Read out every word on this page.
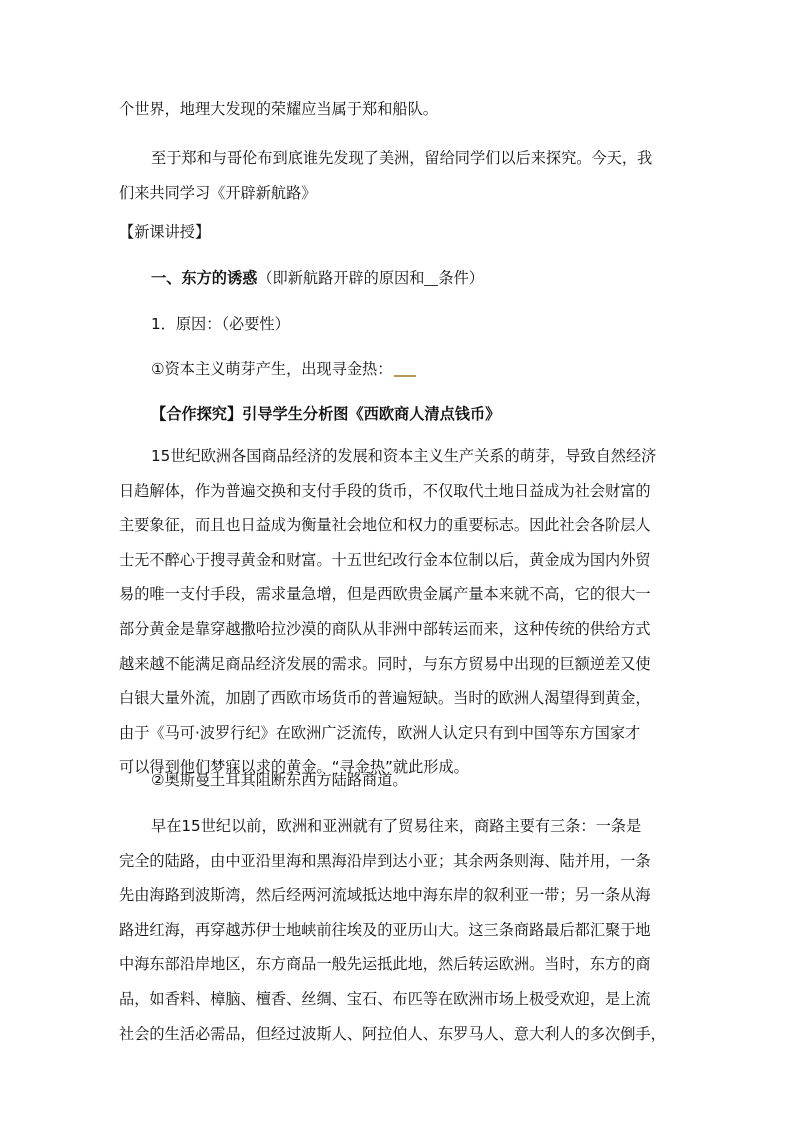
个世界，地理大发现的荣耀应当属于郑和船队。

至于郑和与哥伦布到底谁先发现了美洲，留给同学们以后来探究。今天，我

们来共同学习《开辟新航路》

【新课讲授】

一、东方的诱惑（即新航路开辟的原因和 条件）

1．原因：（必要性）

①资本主义萌芽产生，出现寻金热：

【合作探究】引导学生分析图《西欧商人清点钱币》

15世纪欧洲各国商品经济的发展和资本主义生产关系的萌芽，导致自然经济
日趋解体，作为普遍交换和支付手段的货币，不仅取代土地日益成为社会财富的
主要象征，而且也日益成为衡量社会地位和权力的重要标志。因此社会各阶层人
士无不醉心于搜寻黄金和财富。十五世纪改行金本位制以后，黄金成为国内外贸
易的唯一支付手段，需求量急增，但是西欧贵金属产量本来就不高，它的很大一
部分黄金是靠穿越撒哈拉沙漠的商队从非洲中部转运而来，这种传统的供给方式
越来越不能满足商品经济发展的需求。同时，与东方贸易中出现的巨额逆差又使
白银大量外流，加剧了西欧市场货币的普遍短缺。当时的欧洲人渴望得到黄金，
由于《马可·波罗行纪》在欧洲广泛流传，欧洲人认定只有到中国等东方国家才
可以得到他们梦寐以求的黄金。“寻金热”就此形成。

②奥斯曼土耳其阻断东西方陆路商道。

早在15世纪以前，欧洲和亚洲就有了贸易往来，商路主要有三条：一条是
完全的陆路，由中亚沿里海和黑海沿岸到达小亚；其余两条则海、陆并用，一条
先由海路到波斯湾，然后经两河流域抵达地中海东岸的叙利亚一带；另一条从海
路进红海，再穿越苏伊士地峡前往埃及的亚历山大。这三条商路最后都汇聚于地
中海东部沿岸地区，东方商品一般先运抵此地，然后转运欧洲。当时，东方的商
品，如香料、樟脑、檀香、丝绸、宝石、布匹等在欧洲市场上极受欢迎，是上流
社会的生活必需品，但经过波斯人、阿拉伯人、东罗马人、意大利人的多次倒手，
